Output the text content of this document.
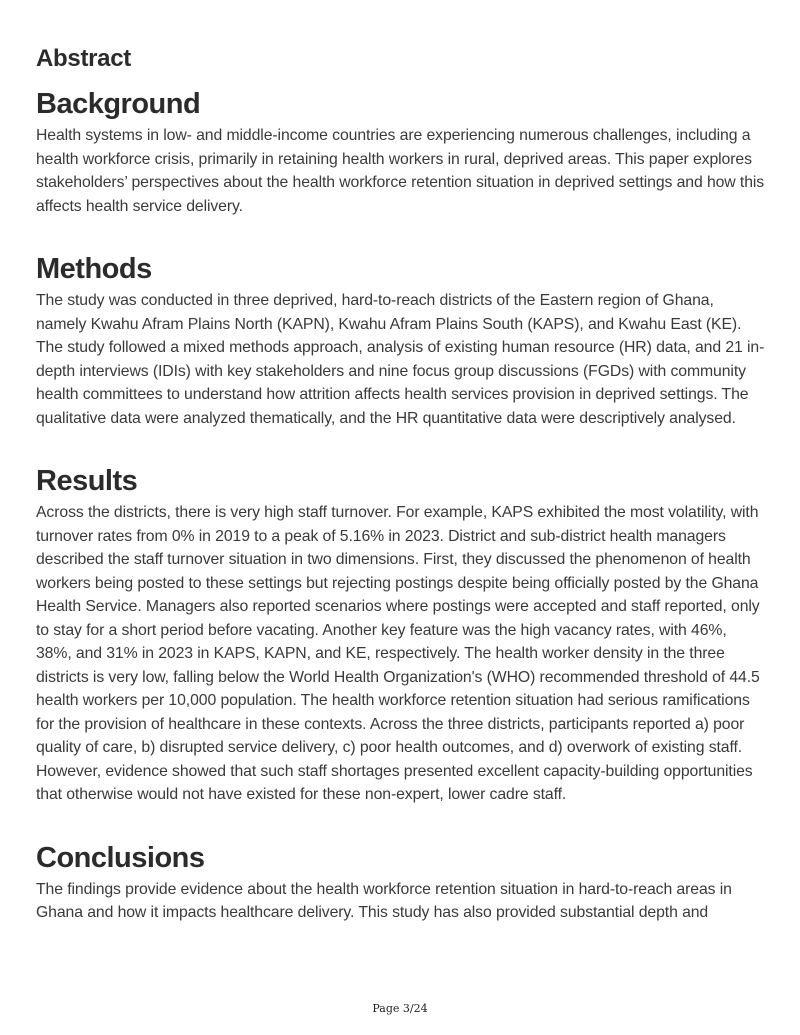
Abstract
Background

Health systems in low- and middle-income countries are experiencing numerous challenges, including a health workforce crisis, primarily in retaining health workers in rural, deprived areas. This paper explores stakeholders’ perspectives about the health workforce retention situation in deprived settings and how this affects health service delivery.

Methods

The study was conducted in three deprived, hard-to-reach districts of the Eastern region of Ghana, namely Kwahu Afram Plains North (KAPN), Kwahu Afram Plains South (KAPS), and Kwahu East (KE). The study followed a mixed methods approach, analysis of existing human resource (HR) data, and 21 in-depth interviews (IDIs) with key stakeholders and nine focus group discussions (FGDs) with community health committees to understand how attrition affects health services provision in deprived settings. The qualitative data were analyzed thematically, and the HR quantitative data were descriptively analysed.

Results

Across the districts, there is very high staff turnover. For example, KAPS exhibited the most volatility, with turnover rates from 0% in 2019 to a peak of 5.16% in 2023. District and sub-district health managers described the staff turnover situation in two dimensions. First, they discussed the phenomenon of health workers being posted to these settings but rejecting postings despite being officially posted by the Ghana Health Service. Managers also reported scenarios where postings were accepted and staff reported, only to stay for a short period before vacating. Another key feature was the high vacancy rates, with 46%, 38%, and 31% in 2023 in KAPS, KAPN, and KE, respectively. The health worker density in the three districts is very low, falling below the World Health Organization's (WHO) recommended threshold of 44.5 health workers per 10,000 population. The health workforce retention situation had serious ramifications for the provision of healthcare in these contexts. Across the three districts, participants reported a) poor quality of care, b) disrupted service delivery, c) poor health outcomes, and d) overwork of existing staff. However, evidence showed that such staff shortages presented excellent capacity-building opportunities that otherwise would not have existed for these non-expert, lower cadre staff.

Conclusions

The findings provide evidence about the health workforce retention situation in hard-to-reach areas in Ghana and how it impacts healthcare delivery. This study has also provided substantial depth and

Page 3/24
